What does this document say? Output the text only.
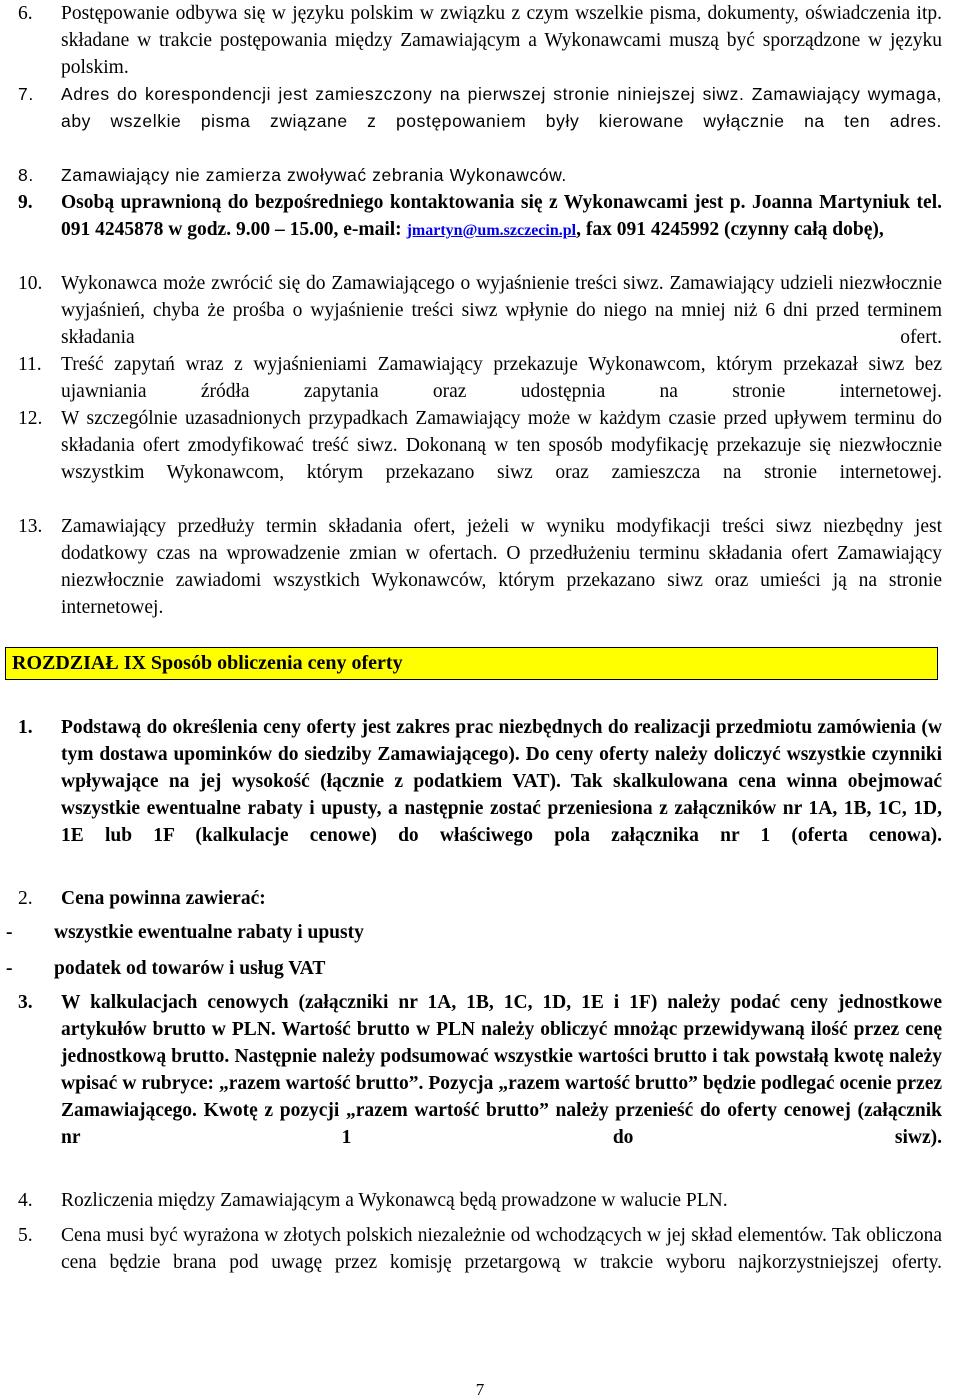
6. Postępowanie odbywa się w języku polskim w związku z czym wszelkie pisma, dokumenty, oświadczenia itp. składane w trakcie postępowania między Zamawiającym a Wykonawcami muszą być sporządzone w języku polskim.
7. Adres do korespondencji jest zamieszczony na pierwszej stronie niniejszej siwz. Zamawiający wymaga, aby wszelkie pisma związane z postępowaniem były kierowane wyłącznie na ten adres.
8. Zamawiający nie zamierza zwoływać zebrania Wykonawców.
9. Osobą uprawnioną do bezpośredniego kontaktowania się z Wykonawcami jest p. Joanna Martyniuk tel. 091 4245878 w godz. 9.00 – 15.00, e-mail: jmartyn@um.szczecin.pl, fax 091 4245992 (czynny całą dobę),
10. Wykonawca może zwrócić się do Zamawiającego o wyjaśnienie treści siwz. Zamawiający udzieli niezwłocznie wyjaśnień, chyba że prośba o wyjaśnienie treści siwz wpłynie do niego na mniej niż 6 dni przed terminem składania ofert.
11. Treść zapytań wraz z wyjaśnieniami Zamawiający przekazuje Wykonawcom, którym przekazał siwz bez ujawniania źródła zapytania oraz udostępnia na stronie internetowej.
12. W szczególnie uzasadnionych przypadkach Zamawiający może w każdym czasie przed upływem terminu do składania ofert zmodyfikować treść siwz. Dokonaną w ten sposób modyfikację przekazuje się niezwłocznie wszystkim Wykonawcom, którym przekazano siwz oraz zamieszcza na stronie internetowej.
13. Zamawiający przedłuży termin składania ofert, jeżeli w wyniku modyfikacji treści siwz niezbędny jest dodatkowy czas na wprowadzenie zmian w ofertach. O przedłużeniu terminu składania ofert Zamawiający niezwłocznie zawiadomi wszystkich Wykonawców, którym przekazano siwz oraz umieści ją na stronie internetowej.
ROZDZIAŁ IX Sposób obliczenia ceny oferty
1. Podstawą do określenia ceny oferty jest zakres prac niezbędnych do realizacji przedmiotu zamówienia (w tym dostawa upominków do siedziby Zamawiającego). Do ceny oferty należy doliczyć wszystkie czynniki wpływające na jej wysokość (łącznie z podatkiem VAT). Tak skalkulowana cena winna obejmować wszystkie ewentualne rabaty i upusty, a następnie zostać przeniesiona z załączników nr 1A, 1B, 1C, 1D, 1E lub 1F (kalkulacje cenowe) do właściwego pola załącznika nr 1 (oferta cenowa).
2. Cena powinna zawierać:
- wszystkie ewentualne rabaty i upusty
- podatek od towarów i usług VAT
3. W kalkulacjach cenowych (załączniki nr 1A, 1B, 1C, 1D, 1E i 1F) należy podać ceny jednostkowe artykułów brutto w PLN. Wartość brutto w PLN należy obliczyć mnożąc przewidywaną ilość przez cenę jednostkową brutto. Następnie należy podsumować wszystkie wartości brutto i tak powstałą kwotę należy wpisać w rubryce: „razem wartość brutto”. Pozycja „razem wartość brutto” będzie podlegać ocenie przez Zamawiającego. Kwotę z pozycji „razem wartość brutto” należy przenieść do oferty cenowej (załącznik nr 1 do siwz).
4. Rozliczenia między Zamawiającym a Wykonawcą będą prowadzone w walucie PLN.
5. Cena musi być wyrażona w złotych polskich niezależnie od wchodzących w jej skład elementów. Tak obliczona cena będzie brana pod uwagę przez komisję przetargową w trakcie wyboru najkorzystniejszej oferty.
7
